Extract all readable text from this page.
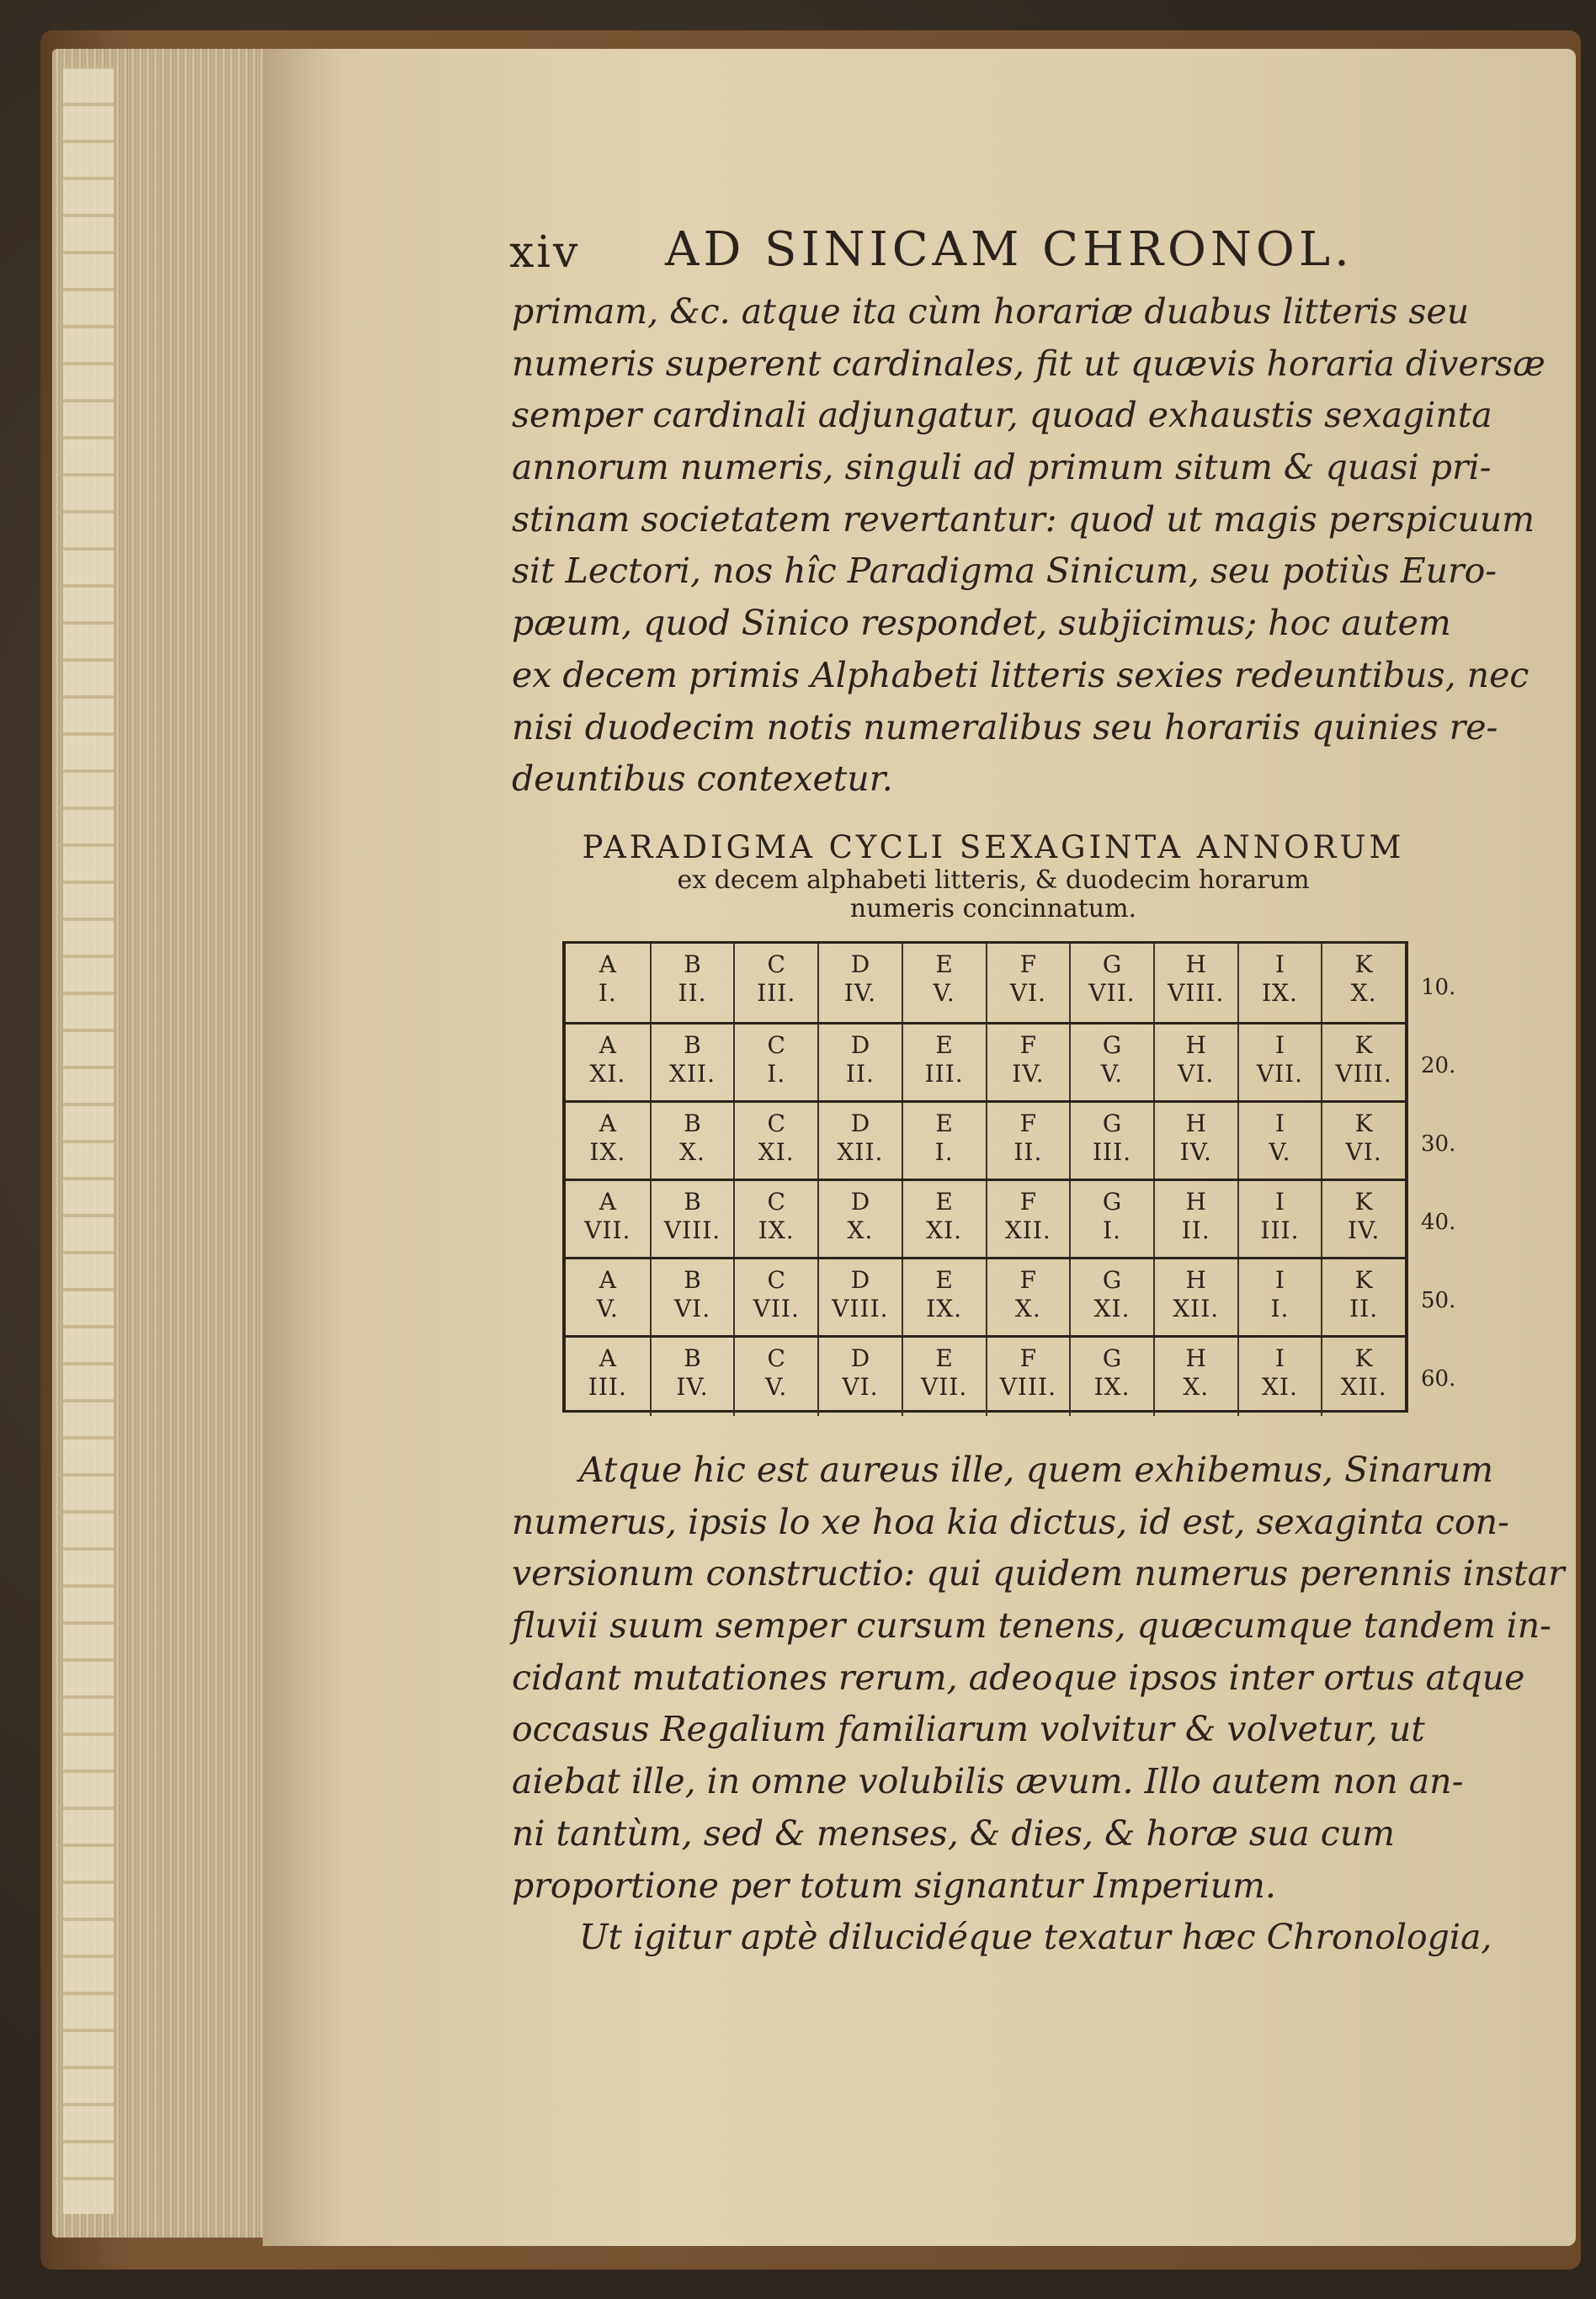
xiv AD SINICAM CHRONOL.
primam, &c. atque ita cùm horariæ duabus litteris seu
numeris superent cardinales, fit ut quævis horaria diversæ
semper cardinali adjungatur, quoad exhaustis sexaginta
annorum numeris, singuli ad primum situm & quasi pri-
stinam societatem revertantur: quod ut magis perspicuum
sit Lectori, nos hîc Paradigma Sinicum, seu potiùs Euro-
pæum, quod Sinico respondet, subjicimus; hoc autem
ex decem primis Alphabeti litteris sexies redeuntibus, nec
nisi duodecim notis numeralibus seu horariis quinies re-
deuntibus contexetur.
PARADIGMA CYCLI SEXAGINTA ANNORUM
ex decem alphabeti litteris, & duodecim horarum
numeris concinnatum.
A
I.
B
II.
C
III.
D
IV.
E
V.
F
VI.
G
VII.
H
VIII.
I
IX.
K
X.
A
XI.
B
XII.
C
I.
D
II.
E
III.
F
IV.
G
V.
H
VI.
I
VII.
K
VIII.
A
IX.
B
X.
C
XI.
D
XII.
E
I.
F
II.
G
III.
H
IV.
I
V.
K
VI.
A
VII.
B
VIII.
C
IX.
D
X.
E
XI.
F
XII.
G
I.
H
II.
I
III.
K
IV.
A
V.
B
VI.
C
VII.
D
VIII.
E
IX.
F
X.
G
XI.
H
XII.
I
I.
K
II.
A
III.
B
IV.
C
V.
D
VI.
E
VII.
F
VIII.
G
IX.
H
X.
I
XI.
K
XII.
10.
20.
30.
40.
50.
60.
Atque hic est aureus ille, quem exhibemus, Sinarum
numerus, ipsis lo xe hoa kia dictus, id est, sexaginta con-
versionum constructio: qui quidem numerus perennis instar
fluvii suum semper cursum tenens, quæcumque tandem in-
cidant mutationes rerum, adeoque ipsos inter ortus atque
occasus Regalium familiarum volvitur & volvetur, ut
aiebat ille, in omne volubilis ævum. Illo autem non an-
ni tantùm, sed & menses, & dies, & horæ sua cum
proportione per totum signantur Imperium.
Ut igitur aptè dilucidéque texatur hæc Chronologia,
